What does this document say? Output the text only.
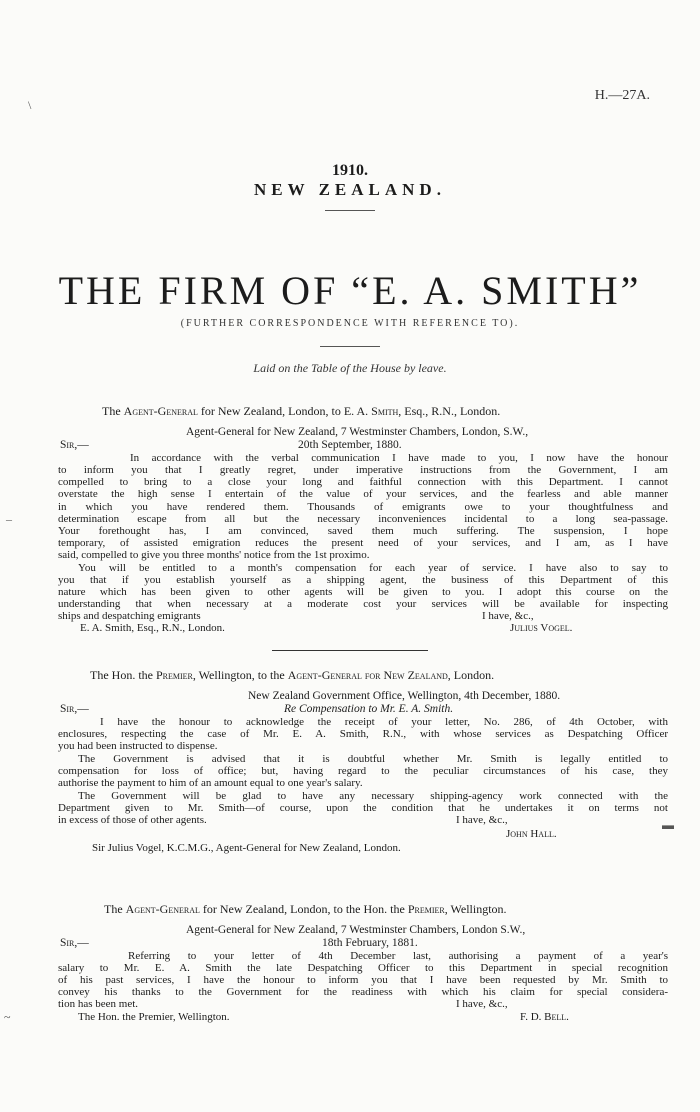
\
–
▬
~
H.—27A.
1910.
NEW ZEALAND.
THE FIRM OF “E. A. SMITH”
(FURTHER CORRESPONDENCE WITH REFERENCE TO).
Laid on the Table of the House by leave.
The Agent-General for New Zealand, London, to E. A. Smith, Esq., R.N., London.
Agent-General for New Zealand, 7 Westminster Chambers, London, S.W.,
Sir,—	20th September, 1880.
In accordance with the verbal communication I have made to you, I now have the honour
to inform you that I greatly regret, under imperative instructions from the Government, I am
compelled to bring to a close your long and faithful connection with this Department. I cannot
overstate the high sense I entertain of the value of your services, and the fearless and able manner
in which you have rendered them. Thousands of emigrants owe to your thoughtfulness and
determination escape from all but the necessary inconveniences incidental to a long sea-passage.
Your forethought has, I am convinced, saved them much suffering. The suspension, I hope
temporary, of assisted emigration reduces the present need of your services, and I am, as I have
said, compelled to give you three months' notice from the 1st proximo.
You will be entitled to a month's compensation for each year of service. I have also to say to
you that if you establish yourself as a shipping agent, the business of this Department of this
nature which has been given to other agents will be given to you. I adopt this course on the
understanding that when necessary at a moderate cost your services will be available for inspecting
ships and despatching emigrants	I have, &c.,
E. A. Smith, Esq., R.N., London.	Julius Vogel.
The Hon. the Premier, Wellington, to the Agent-General for New Zealand, London.
New Zealand Government Office, Wellington, 4th December, 1880.
Sir,—	Re Compensation to Mr. E. A. Smith.
I have the honour to acknowledge the receipt of your letter, No. 286, of 4th October, with
enclosures, respecting the case of Mr. E. A. Smith, R.N., with whose services as Despatching Officer
you had been instructed to dispense.
The Government is advised that it is doubtful whether Mr. Smith is legally entitled to
compensation for loss of office; but, having regard to the peculiar circumstances of his case, they
authorise the payment to him of an amount equal to one year's salary.
The Government will be glad to have any necessary shipping-agency work connected with the
Department given to Mr. Smith—of course, upon the condition that he undertakes it on terms not
in excess of those of other agents.	I have, &c.,
John Hall.
Sir Julius Vogel, K.C.M.G., Agent-General for New Zealand, London.
The Agent-General for New Zealand, London, to the Hon. the Premier, Wellington.
Agent-General for New Zealand, 7 Westminster Chambers, London S.W.,
Sir,—	18th February, 1881.
Referring to your letter of 4th December last, authorising a payment of a year's
salary to Mr. E. A. Smith the late Despatching Officer to this Department in special recognition
of his past services, I have the honour to inform you that I have been requested by Mr. Smith to
convey his thanks to the Government for the readiness with which his claim for special considera-
tion has been met.	I have, &c.,
The Hon. the Premier, Wellington.	F. D. Bell.
